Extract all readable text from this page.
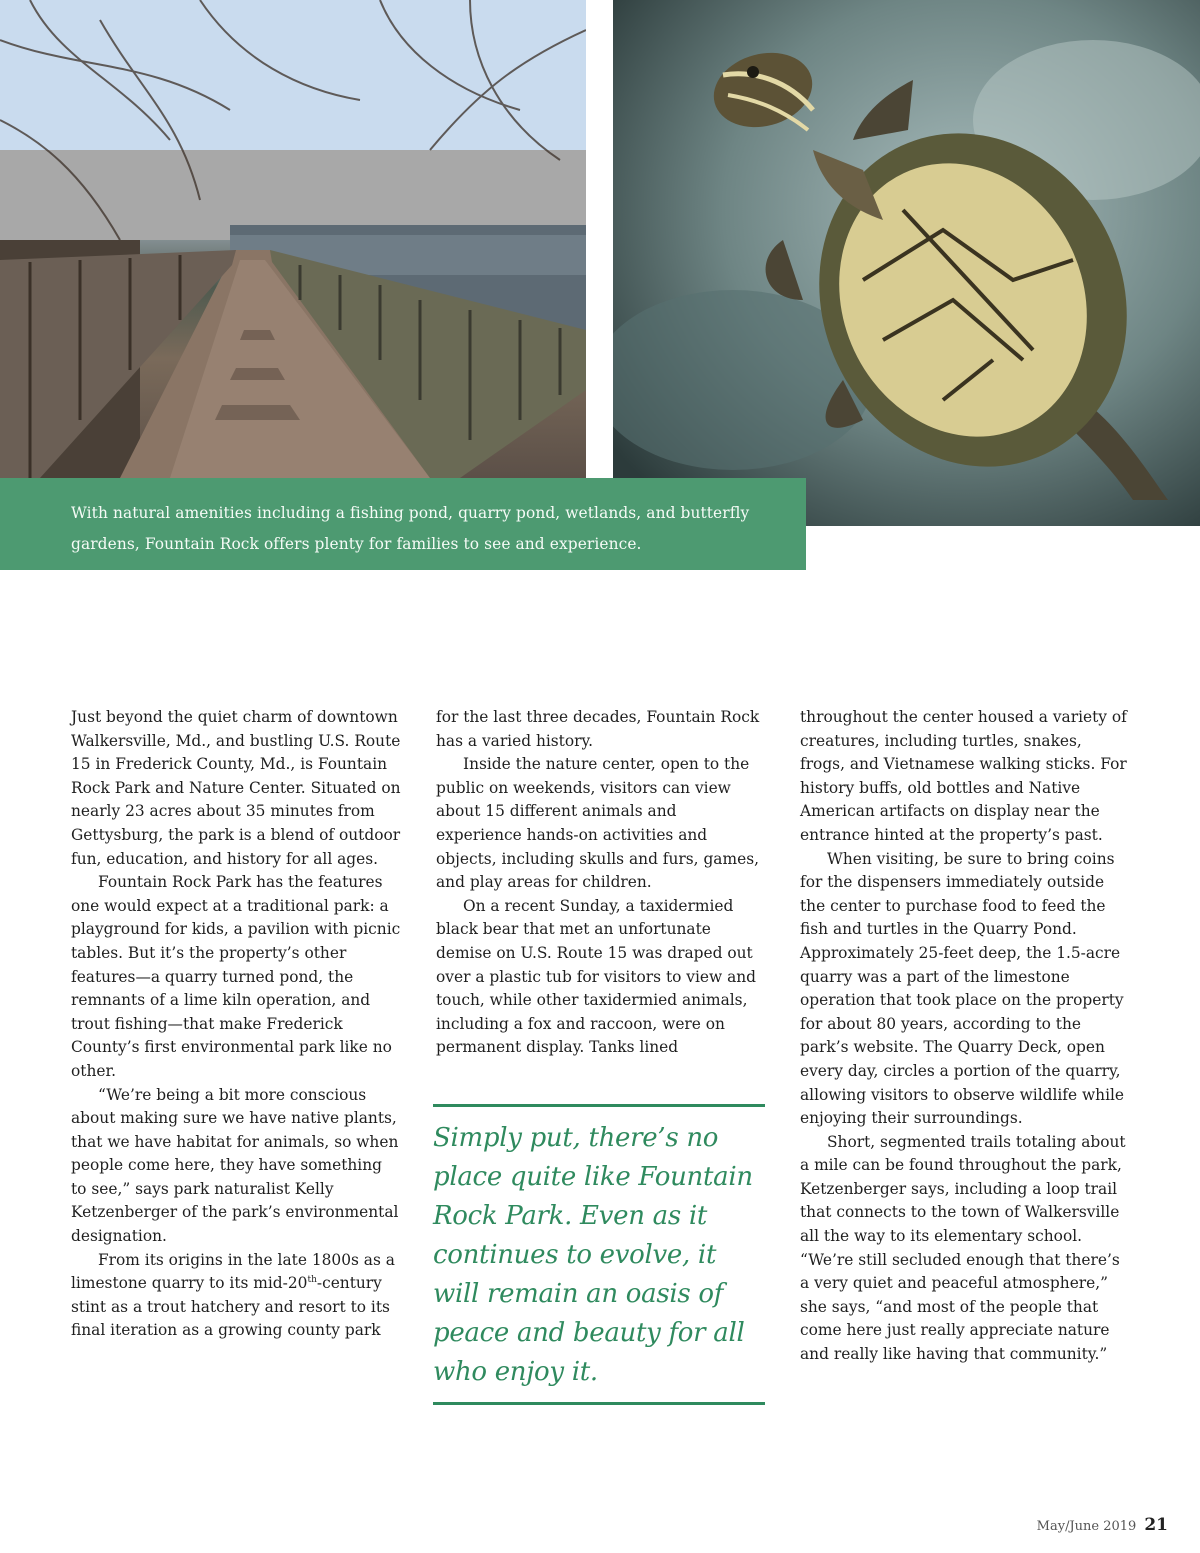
With natural amenities including a fishing pond, quarry pond, wetlands, and butterfly gardens, Fountain Rock offers plenty for families to see and experience.

Just beyond the quiet charm of downtown Walkersville, Md., and bustling U.S. Route 15 in Frederick County, Md., is Fountain Rock Park and Nature Center. Situated on nearly 23 acres about 35 minutes from Gettysburg, the park is a blend of outdoor fun, education, and history for all ages.

Fountain Rock Park has the features one would expect at a traditional park: a playground for kids, a pavilion with picnic tables. But it’s the property’s other features—a quarry turned pond, the remnants of a lime kiln operation, and trout fishing—that make Frederick County’s first environmental park like no other.

“We’re being a bit more conscious about making sure we have native plants, that we have habitat for animals, so when people come here, they have something to see,” says park naturalist Kelly Ketzenberger of the park’s environmental designation.

From its origins in the late 1800s as a limestone quarry to its mid-20th-century stint as a trout hatchery and resort to its final iteration as a growing county park

for the last three decades, Fountain Rock has a varied history.

Inside the nature center, open to the public on weekends, visitors can view about 15 different animals and experience hands-on activities and objects, including skulls and furs, games, and play areas for children.

On a recent Sunday, a taxidermied black bear that met an unfortunate demise on U.S. Route 15 was draped out over a plastic tub for visitors to view and touch, while other taxidermied animals, including a fox and raccoon, were on permanent display. Tanks lined

Simply put, there’s no place quite like Fountain Rock Park. Even as it continues to evolve, it will remain an oasis of peace and beauty for all who enjoy it.

throughout the center housed a variety of creatures, including turtles, snakes, frogs, and Vietnamese walking sticks. For history buffs, old bottles and Native American artifacts on display near the entrance hinted at the property’s past.

When visiting, be sure to bring coins for the dispensers immediately outside the center to purchase food to feed the fish and turtles in the Quarry Pond. Approximately 25-feet deep, the 1.5-acre quarry was a part of the limestone operation that took place on the property for about 80 years, according to the park’s website. The Quarry Deck, open every day, circles a portion of the quarry, allowing visitors to observe wildlife while enjoying their surroundings.

Short, segmented trails totaling about a mile can be found throughout the park, Ketzenberger says, including a loop trail that connects to the town of Walkersville all the way to its elementary school. “We’re still secluded enough that there’s a very quiet and peaceful atmosphere,” she says, “and most of the people that come here just really appreciate nature and really like having that community.”

May/June 2019 21
